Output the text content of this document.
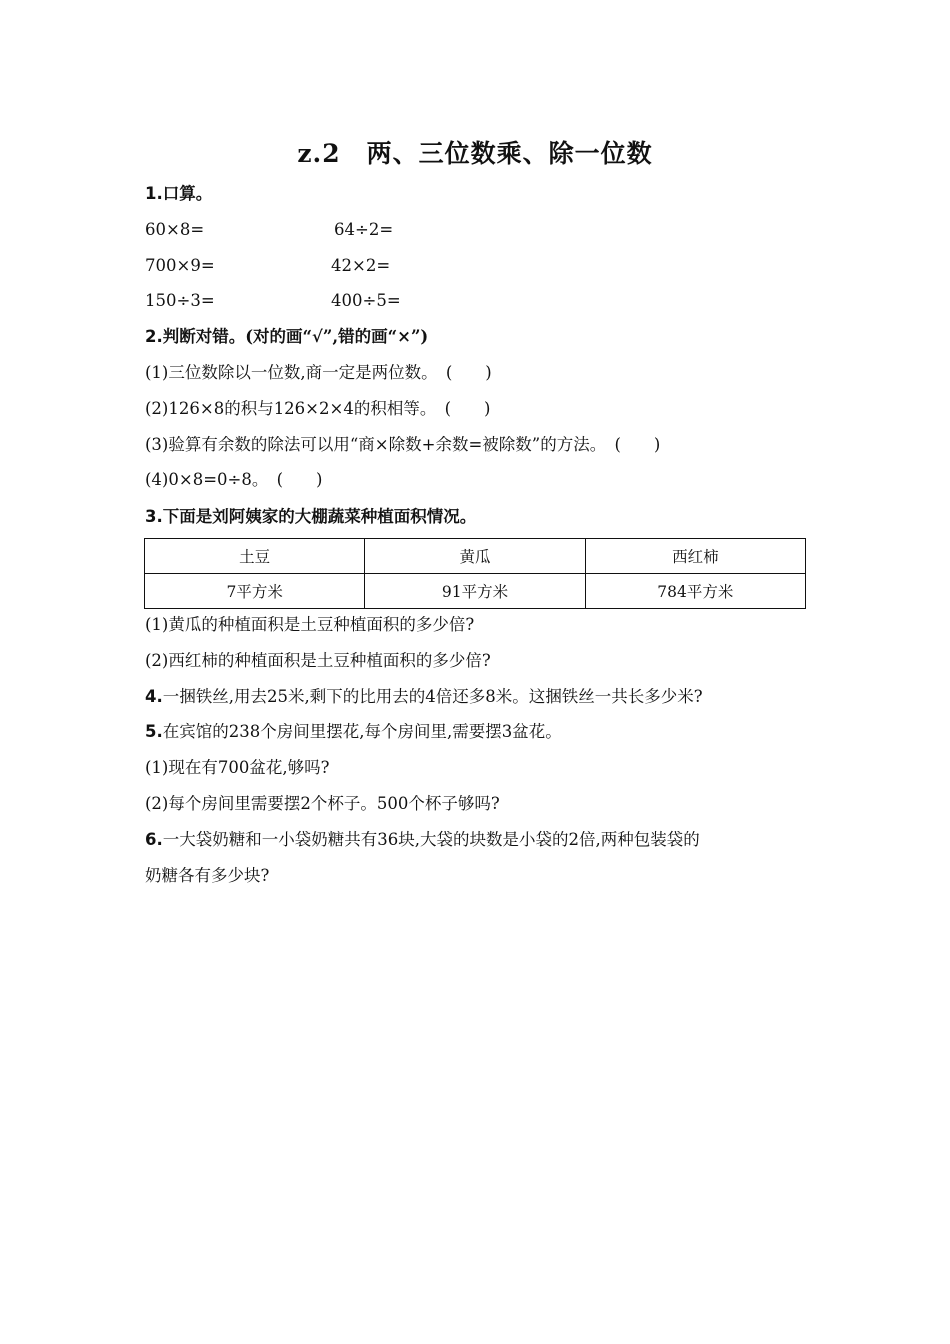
z.2　两、三位数乘、除一位数
1.口算。
60×8=	64÷2=
700×9=	42×2=
150÷3=	400÷5=
2.判断对错。(对的画“√”,错的画“×”)
(1)三位数除以一位数,商一定是两位数。　(　　)
(2)126×8的积与126×2×4的积相等。　(　　)
(3)验算有余数的除法可以用“商×除数+余数=被除数”的方法。　(　　)
(4)0×8=0÷8。　(　　)
3.下面是刘阿姨家的大棚蔬菜种植面积情况。
土豆	黄瓜	西红柿
7平方米	91平方米	784平方米
(1)黄瓜的种植面积是土豆种植面积的多少倍?
(2)西红柿的种植面积是土豆种植面积的多少倍?
4.一捆铁丝,用去25米,剩下的比用去的4倍还多8米。这捆铁丝一共长多少米?
5.在宾馆的238个房间里摆花,每个房间里,需要摆3盆花。
(1)现在有700盆花,够吗?
(2)每个房间里需要摆2个杯子。500个杯子够吗?
6.一大袋奶糖和一小袋奶糖共有36块,大袋的块数是小袋的2倍,两种包装袋的
奶糖各有多少块?
